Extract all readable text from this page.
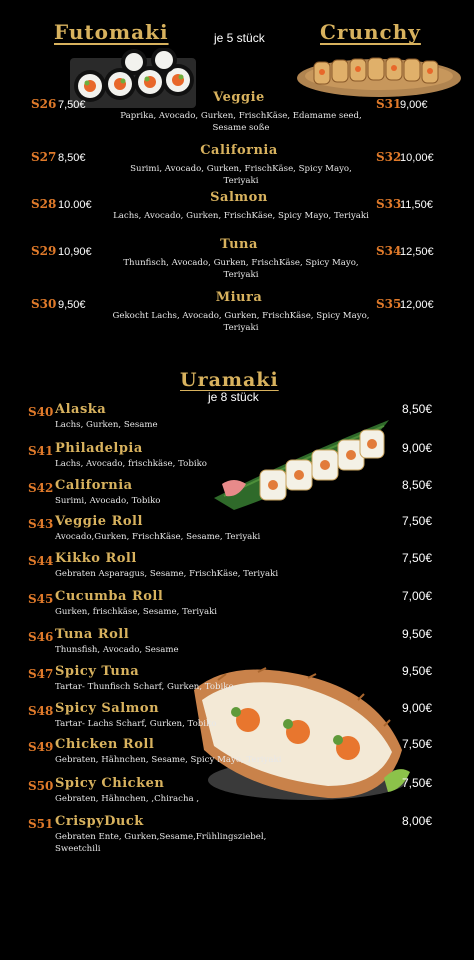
Futomaki	je 5 stück	Crunchy
S26 7,50€	Veggie
Paprika, Avocado, Gurken, FrischKäse, Edamame seed, Sesame soße
S31
9,00€
S27 8,50€	California
Surimi, Avocado, Gurken, FrischKäse, Spicy Mayo, Teriyaki
S32
10,00€
S28 10.00€	Salmon
Lachs, Avocado, Gurken, FrischKäse, Spicy Mayo, Teriyaki
S33
11,50€
S29 10,90€	Tuna
Thunfisch, Avocado, Gurken, FrischKäse, Spicy Mayo, Teriyaki
S34
12,50€
S30 9,50€	Miura
Gekocht Lachs, Avocado, Gurken, FrischKäse, Spicy Mayo, Teriyaki
S35
12,00€
Uramaki
je 8 stück
S40 Alaska
Lachs, Gurken, Sesame
8,50€
S41 Philadelpia
Lachs, Avocado, frischkäse, Tobiko
9,00€
S42 California
Surimi, Avocado, Tobiko
8,50€
S43 Veggie Roll
Avocado,Gurken, FrischKäse, Sesame, Teriyaki
7,50€
S44 Kikko Roll
Gebraten Asparagus, Sesame, FrischKäse, Teriyaki
7,50€
S45 Cucumba Roll
Gurken, frischkäse, Sesame, Teriyaki
7,00€
S46 Tuna Roll
Thunsfish, Avocado, Sesame
9,50€
S47 Spicy Tuna
Tartar- Thunfisch Scharf, Gurken, Tobiko
9,50€
S48 Spicy Salmon
Tartar- Lachs Scharf, Gurken, Tobiko
9,00€
S49 Chicken Roll
Gebraten, Hähnchen, Sesame, Spicy Mayo, Teriyaki
7,50€
S50 Spicy Chicken
Gebraten, Hähnchen, ,Chiracha ,
7,50€
S51 CrispyDuck
Gebraten Ente, Gurken,Sesame,Frühlingsziebel, Sweetchili
8,00€
